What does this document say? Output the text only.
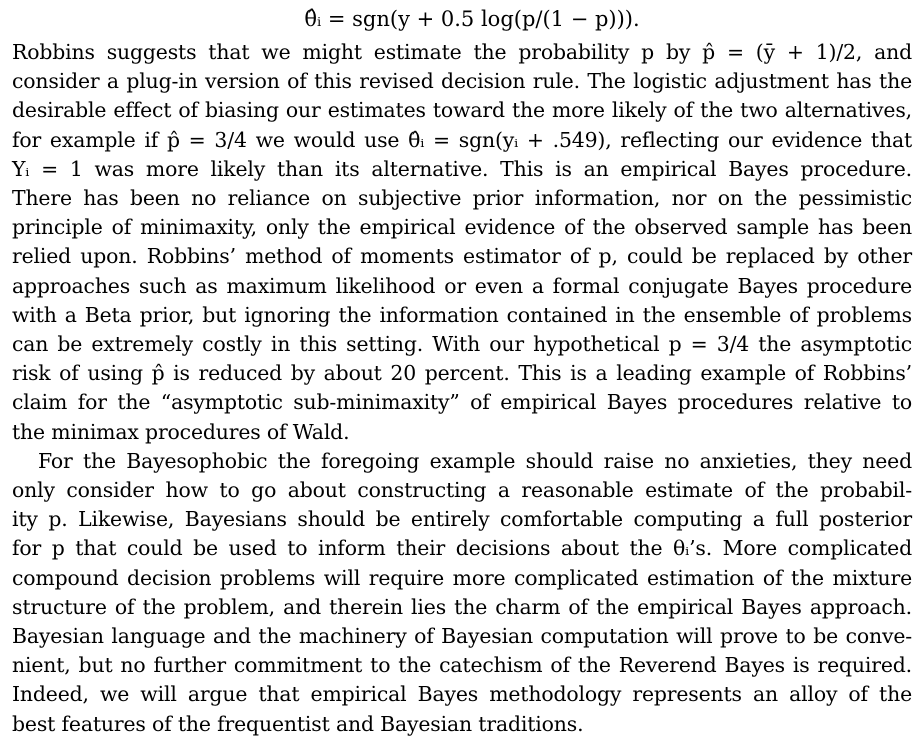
θ̂ᵢ = sgn(y + 0.5 log(p/(1 − p))).

Robbins suggests that we might estimate the probability p by p̂ = (ȳ + 1)/2, and
consider a plug-in version of this revised decision rule. The logistic adjustment has the
desirable effect of biasing our estimates toward the more likely of the two alternatives,
for example if p̂ = 3/4 we would use θ̂ᵢ = sgn(yᵢ + .549), reflecting our evidence that
Yᵢ = 1 was more likely than its alternative. This is an empirical Bayes procedure.
There has been no reliance on subjective prior information, nor on the pessimistic
principle of minimaxity, only the empirical evidence of the observed sample has been
relied upon. Robbins’ method of moments estimator of p, could be replaced by other
approaches such as maximum likelihood or even a formal conjugate Bayes procedure
with a Beta prior, but ignoring the information contained in the ensemble of problems
can be extremely costly in this setting. With our hypothetical p = 3/4 the asymptotic
risk of using p̂ is reduced by about 20 percent. This is a leading example of Robbins’
claim for the “asymptotic sub-minimaxity” of empirical Bayes procedures relative to
the minimax procedures of Wald.

For the Bayesophobic the foregoing example should raise no anxieties, they need
only consider how to go about constructing a reasonable estimate of the probabil-
ity p. Likewise, Bayesians should be entirely comfortable computing a full posterior
for p that could be used to inform their decisions about the θᵢ’s. More complicated
compound decision problems will require more complicated estimation of the mixture
structure of the problem, and therein lies the charm of the empirical Bayes approach.
Bayesian language and the machinery of Bayesian computation will prove to be conve-
nient, but no further commitment to the catechism of the Reverend Bayes is required.
Indeed, we will argue that empirical Bayes methodology represents an alloy of the
best features of the frequentist and Bayesian traditions.
